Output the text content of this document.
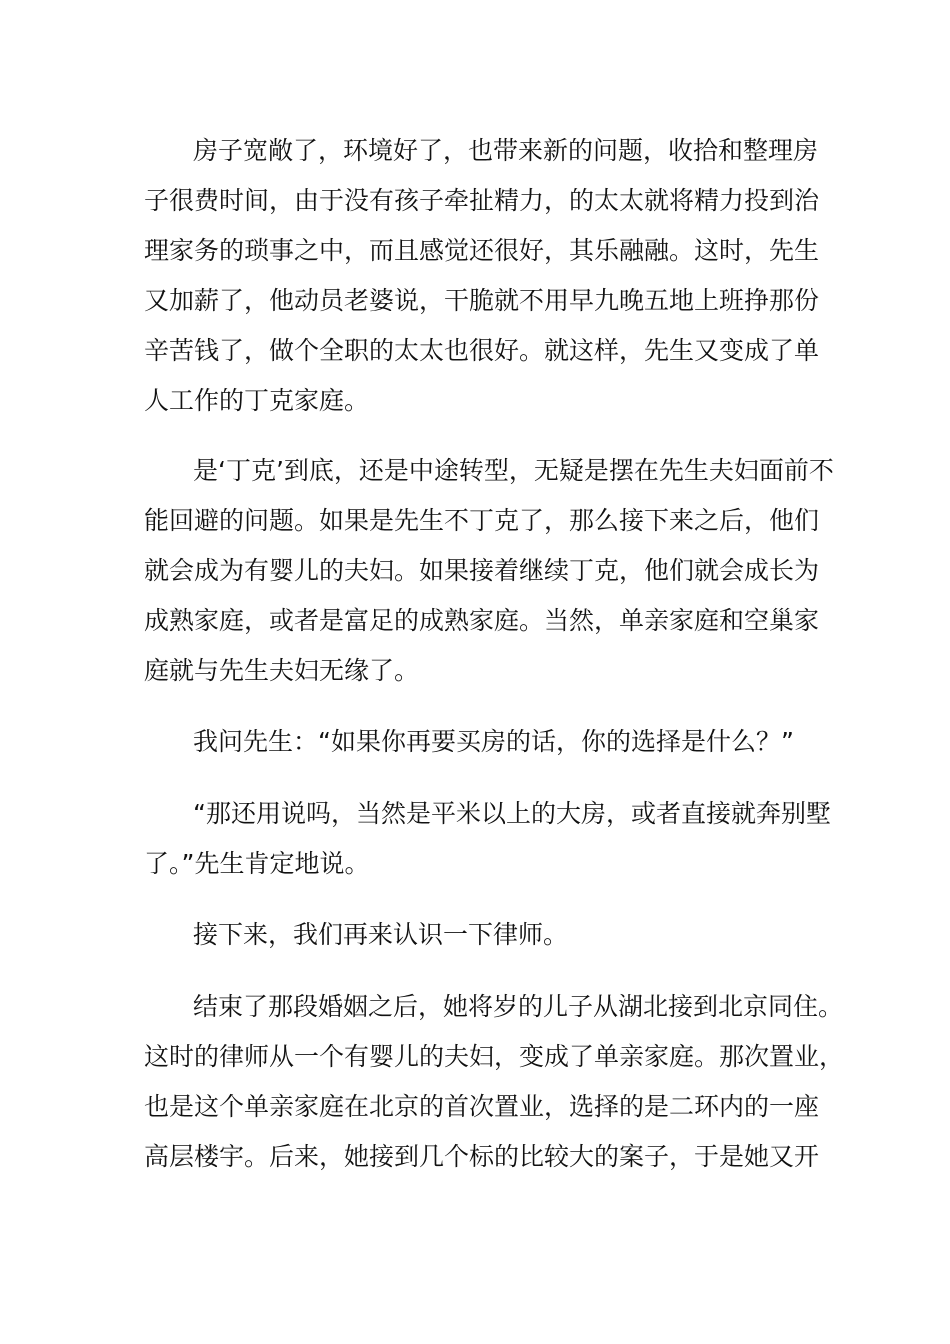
房子宽敞了，环境好了，也带来新的问题，收拾和整理房
子很费时间，由于没有孩子牵扯精力，的太太就将精力投到治
理家务的琐事之中，而且感觉还很好，其乐融融。这时，先生
又加薪了，他动员老婆说，干脆就不用早九晚五地上班挣那份
辛苦钱了，做个全职的太太也很好。就这样，先生又变成了单
人工作的丁克家庭。
是‘丁克’到底，还是中途转型，无疑是摆在先生夫妇面前不
能回避的问题。如果是先生不丁克了，那么接下来之后，他们
就会成为有婴儿的夫妇。如果接着继续丁克，他们就会成长为
成熟家庭，或者是富足的成熟家庭。当然，单亲家庭和空巢家
庭就与先生夫妇无缘了。
我问先生：“如果你再要买房的话，你的选择是什么？”
“那还用说吗，当然是平米以上的大房，或者直接就奔别墅
了。”先生肯定地说。
接下来，我们再来认识一下律师。
结束了那段婚姻之后，她将岁的儿子从湖北接到北京同住。
这时的律师从一个有婴儿的夫妇，变成了单亲家庭。那次置业，
也是这个单亲家庭在北京的首次置业，选择的是二环内的一座
高层楼宇。后来，她接到几个标的比较大的案子，于是她又开
